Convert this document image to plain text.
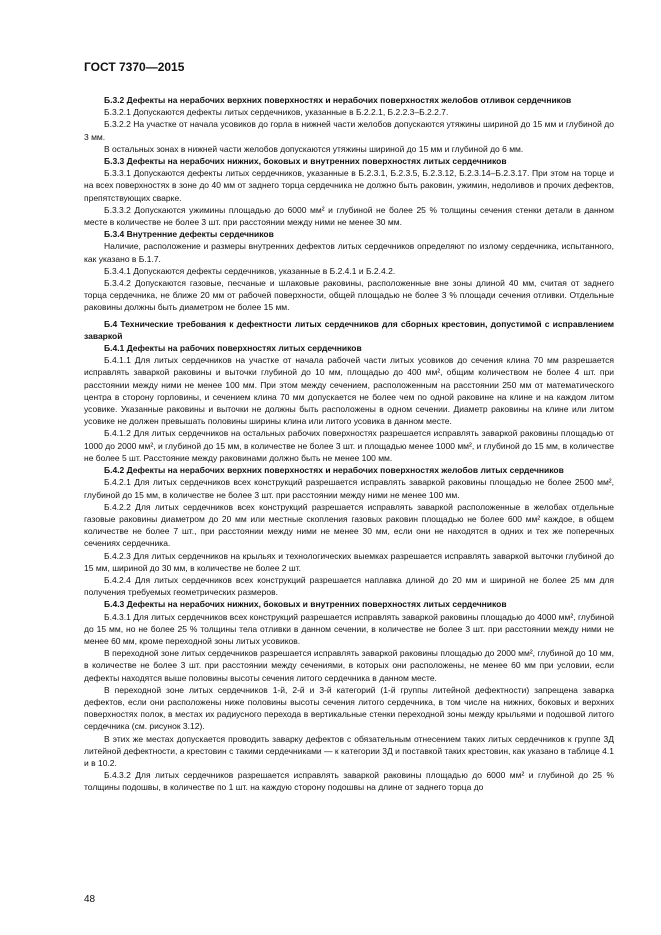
ГОСТ 7370—2015

Б.3.2 Дефекты на нерабочих верхних поверхностях и нерабочих поверхностях желобов отливок сердечников

Б.3.2.1 Допускаются дефекты литых сердечников, указанные в Б.2.2.1, Б.2.2.3–Б.2.2.7.

Б.3.2.2 На участке от начала усовиков до горла в нижней части желобов допускаются утяжины шириной до 15 мм и глубиной до 3 мм.

В остальных зонах в нижней части желобов допускаются утяжины шириной до 15 мм и глубиной до 6 мм.

Б.3.3 Дефекты на нерабочих нижних, боковых и внутренних поверхностях литых сердечников

Б.3.3.1 Допускаются дефекты литых сердечников, указанные в Б.2.3.1, Б.2.3.5, Б.2.3.12, Б.2.3.14–Б.2.3.17. При этом на торце и на всех поверхностях в зоне до 40 мм от заднего торца сердечника не должно быть раковин, ужимин, недоливов и прочих дефектов, препятствующих сварке.

Б.3.3.2 Допускаются ужимины площадью до 6000 мм² и глубиной не более 25 % толщины сечения стенки детали в данном месте в количестве не более 3 шт. при расстоянии между ними не менее 30 мм.

Б.3.4 Внутренние дефекты сердечников

Наличие, расположение и размеры внутренних дефектов литых сердечников определяют по излому сердечника, испытанного, как указано в Б.1.7.

Б.3.4.1 Допускаются дефекты сердечников, указанные в Б.2.4.1 и Б.2.4.2.

Б.3.4.2 Допускаются газовые, песчаные и шлаковые раковины, расположенные вне зоны длиной 40 мм, считая от заднего торца сердечника, не ближе 20 мм от рабочей поверхности, общей площадью не более 3 % площади сечения отливки. Отдельные раковины должны быть диаметром не более 15 мм.

Б.4 Технические требования к дефектности литых сердечников для сборных крестовин, допустимой с исправлением заваркой

Б.4.1 Дефекты на рабочих поверхностях литых сердечников

Б.4.1.1 Для литых сердечников на участке от начала рабочей части литых усовиков до сечения клина 70 мм разрешается исправлять заваркой раковины и выточки глубиной до 10 мм, площадью до 400 мм², общим количеством не более 4 шт. при расстоянии между ними не менее 100 мм. При этом между сечением, расположенным на расстоянии 250 мм от математического центра в сторону горловины, и сечением клина 70 мм допускается не более чем по одной раковине на клине и на каждом литом усовике. Указанные раковины и выточки не должны быть расположены в одном сечении. Диаметр раковины на клине или литом усовике не должен превышать половины ширины клина или литого усовика в данном месте.

Б.4.1.2 Для литых сердечников на остальных рабочих поверхностях разрешается исправлять заваркой раковины площадью от 1000 до 2000 мм², и глубиной до 15 мм, в количестве не более 3 шт. и площадью менее 1000 мм², и глубиной до 15 мм, в количестве не более 5 шт. Расстояние между раковинами должно быть не менее 100 мм.

Б.4.2 Дефекты на нерабочих верхних поверхностях и нерабочих поверхностях желобов литых сердечников

Б.4.2.1 Для литых сердечников всех конструкций разрешается исправлять заваркой раковины площадью не более 2500 мм², глубиной до 15 мм, в количестве не более 3 шт. при расстоянии между ними не менее 100 мм.

Б.4.2.2 Для литых сердечников всех конструкций разрешается исправлять заваркой расположенные в желобах отдельные газовые раковины диаметром до 20 мм или местные скопления газовых раковин площадью не более 600 мм² каждое, в общем количестве не более 7 шт., при расстоянии между ними не менее 30 мм, если они не находятся в одних и тех же поперечных сечениях сердечника.

Б.4.2.3 Для литых сердечников на крыльях и технологических выемках разрешается исправлять заваркой выточки глубиной до 15 мм, шириной до 30 мм, в количестве не более 2 шт.

Б.4.2.4 Для литых сердечников всех конструкций разрешается наплавка длиной до 20 мм и шириной не более 25 мм для получения требуемых геометрических размеров.

Б.4.3 Дефекты на нерабочих нижних, боковых и внутренних поверхностях литых сердечников

Б.4.3.1 Для литых сердечников всех конструкций разрешается исправлять заваркой раковины площадью до 4000 мм², глубиной до 15 мм, но не более 25 % толщины тела отливки в данном сечении, в количестве не более 3 шт. при расстоянии между ними не менее 60 мм, кроме переходной зоны литых усовиков.

В переходной зоне литых сердечников разрешается исправлять заваркой раковины площадью до 2000 мм², глубиной до 10 мм, в количестве не более 3 шт. при расстоянии между сечениями, в которых они расположены, не менее 60 мм при условии, если дефекты находятся выше половины высоты сечения литого сердечника в данном месте.

В переходной зоне литых сердечников 1-й, 2-й и 3-й категорий (1-й группы литейной дефектности) запрещена заварка дефектов, если они расположены ниже половины высоты сечения литого сердечника, в том числе на нижних, боковых и верхних поверхностях полок, в местах их радиусного перехода в вертикальные стенки переходной зоны между крыльями и подошвой литого сердечника (см. рисунок 3.12).

В этих же местах допускается проводить заварку дефектов с обязательным отнесением таких литых сердечников к группе 3Д литейной дефектности, а крестовин с такими сердечниками — к категории 3Д и поставкой таких крестовин, как указано в таблице 4.1 и в 10.2.

Б.4.3.2 Для литых сердечников разрешается исправлять заваркой раковины площадью до 6000 мм² и глубиной до 25 % толщины подошвы, в количестве по 1 шт. на каждую сторону подошвы на длине от заднего торца до

48
